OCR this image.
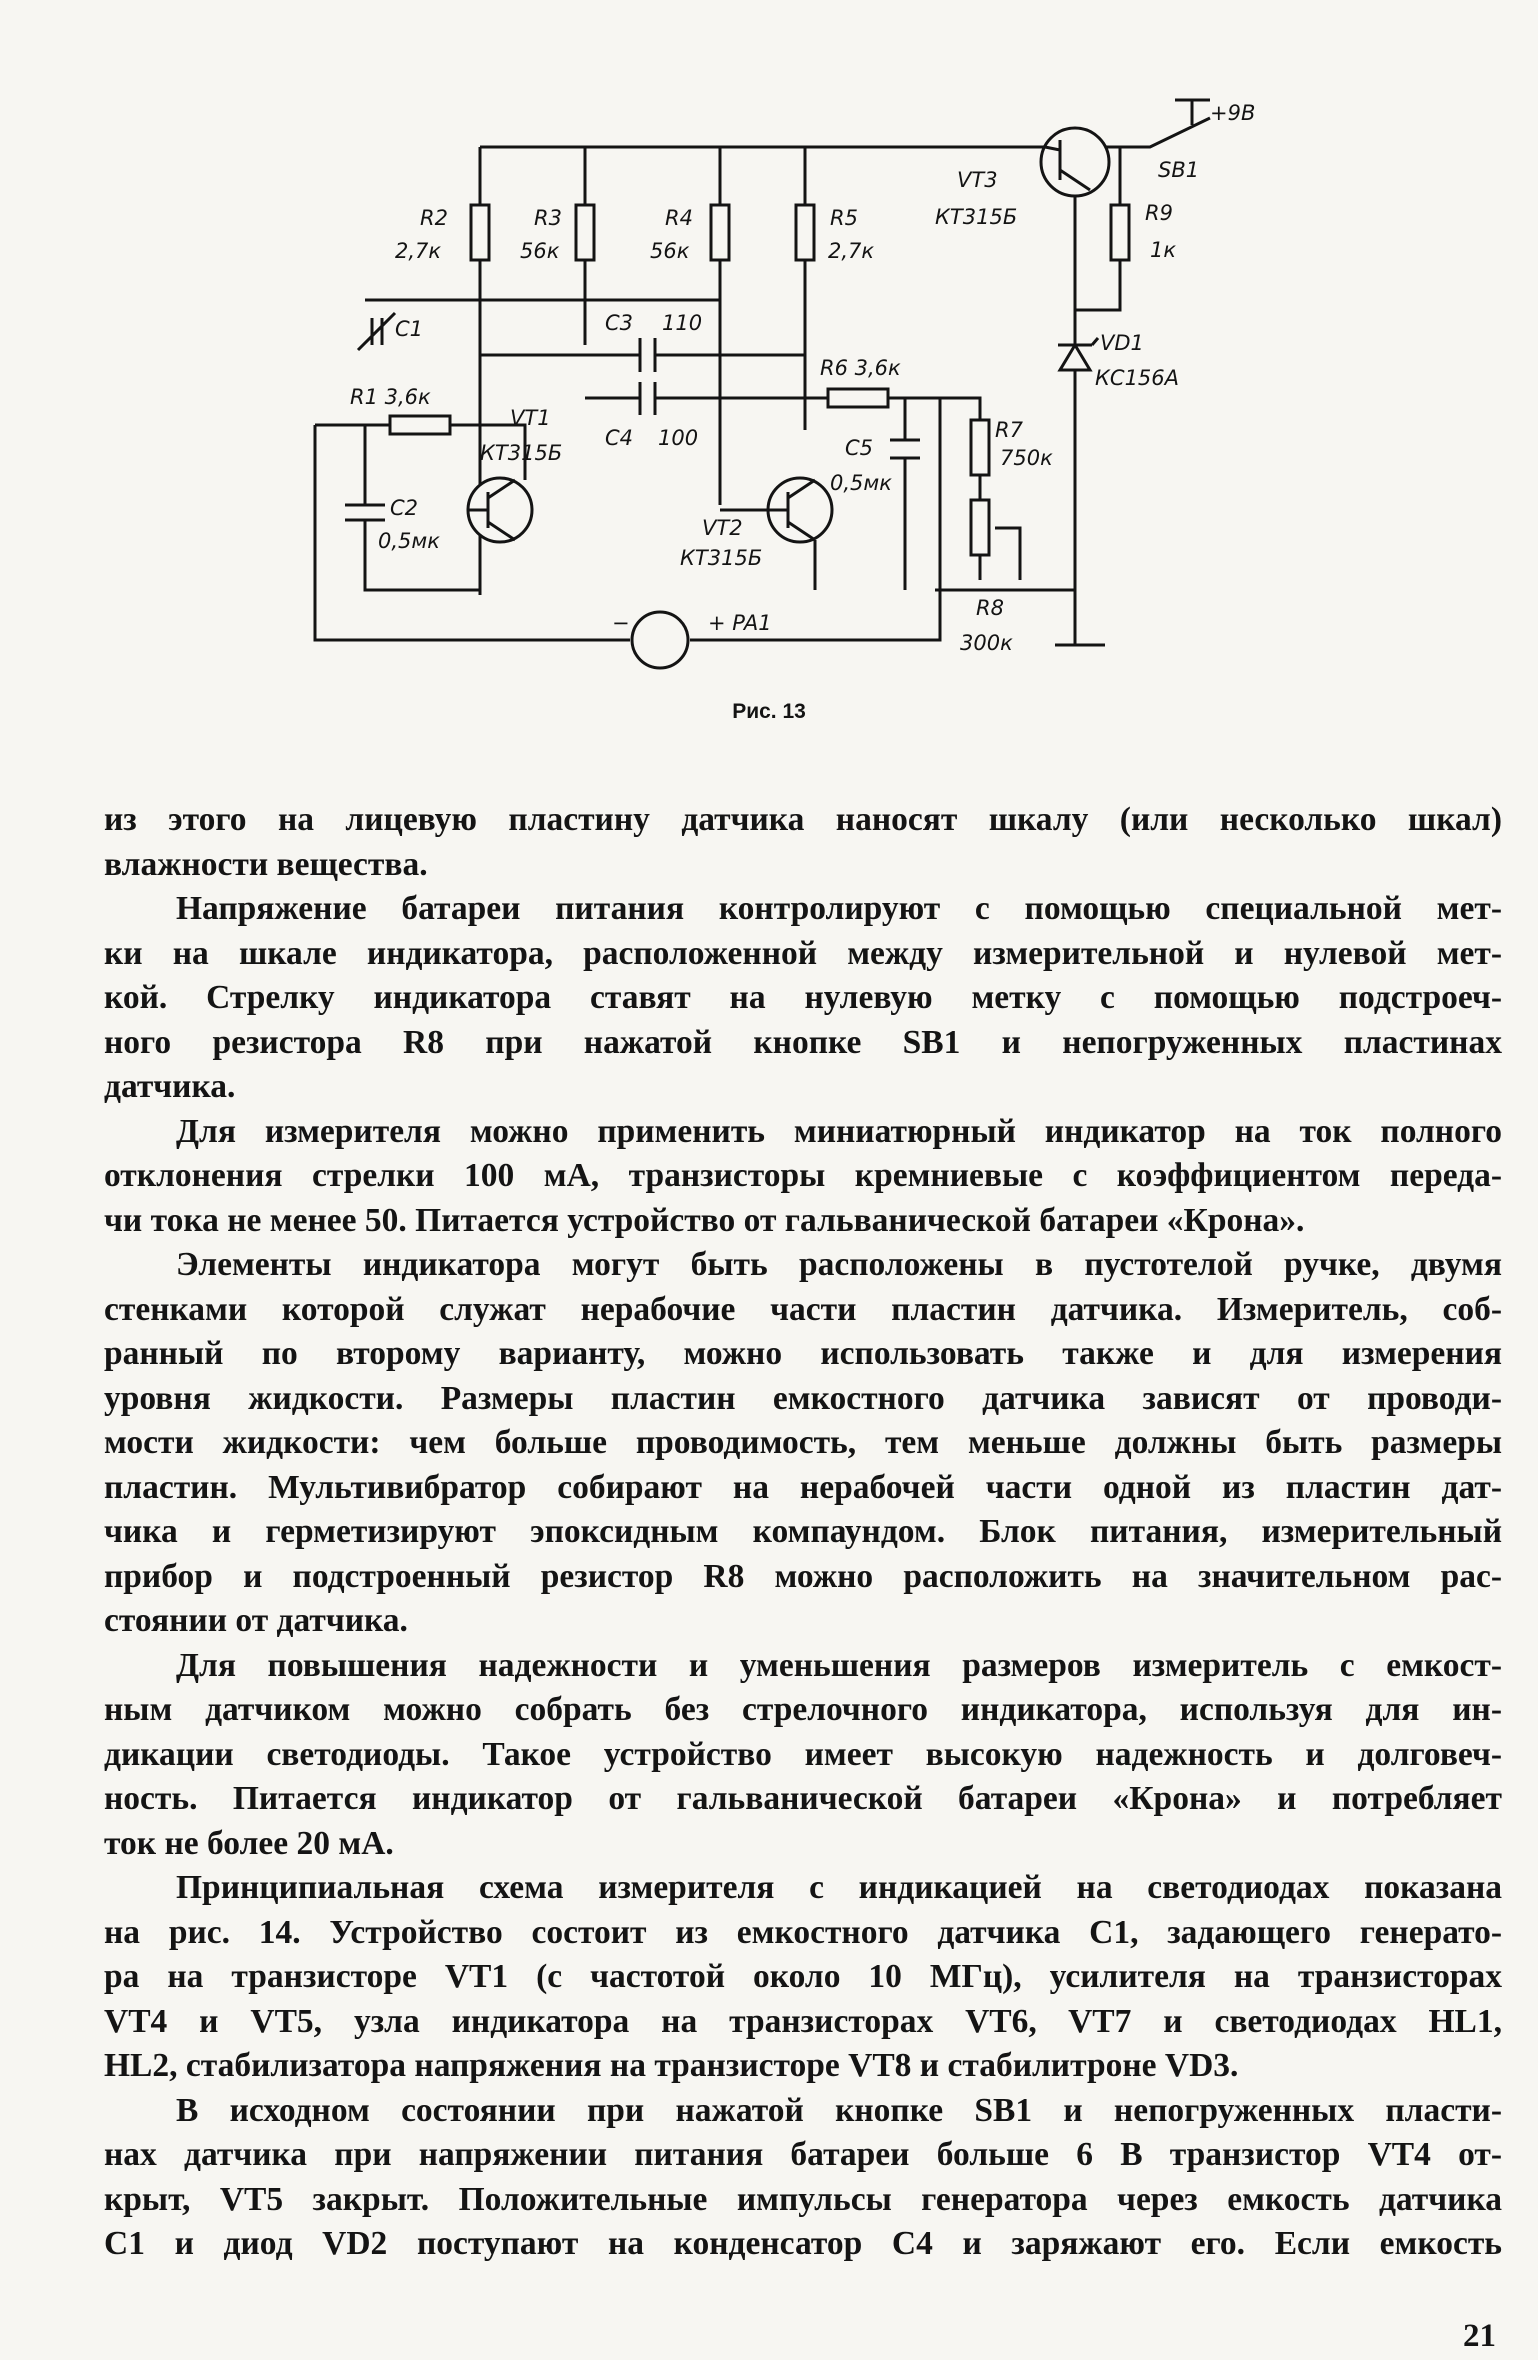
+9В
SB1
VT3
КТ315Б	R9
1к
VD1
КС156А
R2
2,7к
R3
56к
R4
56к
R5
2,7к
С1	С3 110
С4 100
R6 3,6к
R1 3,6к
VT1
КТ315Б	С5
0,5мк
R7
750к
С2
0,5мк
VT2
КТ315Б
R8
300к
−	+ PA1
Рис. 13
из этого на лицевую пластину датчика наносят шкалу (или несколько шкал)
влажности вещества.
Напряжение батареи питания контролируют с помощью специальной мет-
ки на шкале индикатора, расположенной между измерительной и нулевой мет-
кой. Стрелку индикатора ставят на нулевую метку с помощью подстроеч-
ного резистора R8 при нажатой кнопке SB1 и непогруженных пластинах
датчика.
Для измерителя можно применить миниатюрный индикатор на ток полного
отклонения стрелки 100 мА, транзисторы кремниевые с коэффициентом переда-
чи тока не менее 50. Питается устройство от гальванической батареи «Крона».
Элементы индикатора могут быть расположены в пустотелой ручке, двумя
стенками которой служат нерабочие части пластин датчика. Измеритель, соб-
ранный по второму варианту, можно использовать также и для измерения
уровня жидкости. Размеры пластин емкостного датчика зависят от проводи-
мости жидкости: чем больше проводимость, тем меньше должны быть размеры
пластин. Мультивибратор собирают на нерабочей части одной из пластин дат-
чика и герметизируют эпоксидным компаундом. Блок питания, измерительный
прибор и подстроенный резистор R8 можно расположить на значительном рас-
стоянии от датчика.
Для повышения надежности и уменьшения размеров измеритель с емкост-
ным датчиком можно собрать без стрелочного индикатора, используя для ин-
дикации светодиоды. Такое устройство имеет высокую надежность и долговеч-
ность. Питается индикатор от гальванической батареи «Крона» и потребляет
ток не более 20 мА.
Принципиальная схема измерителя с индикацией на светодиодах показана
на рис. 14. Устройство состоит из емкостного датчика С1, задающего генерато-
ра на транзисторе VT1 (с частотой около 10 МГц), усилителя на транзисторах
VT4 и VT5, узла индикатора на транзисторах VT6, VT7 и светодиодах HL1,
HL2, стабилизатора напряжения на транзисторе VT8 и стабилитроне VD3.
В исходном состоянии при нажатой кнопке SB1 и непогруженных пласти-
нах датчика при напряжении питания батареи больше 6 В транзистор VT4 от-
крыт, VT5 закрыт. Положительные импульсы генератора через емкость датчика
С1 и диод VD2 поступают на конденсатор С4 и заряжают его. Если емкость
21
